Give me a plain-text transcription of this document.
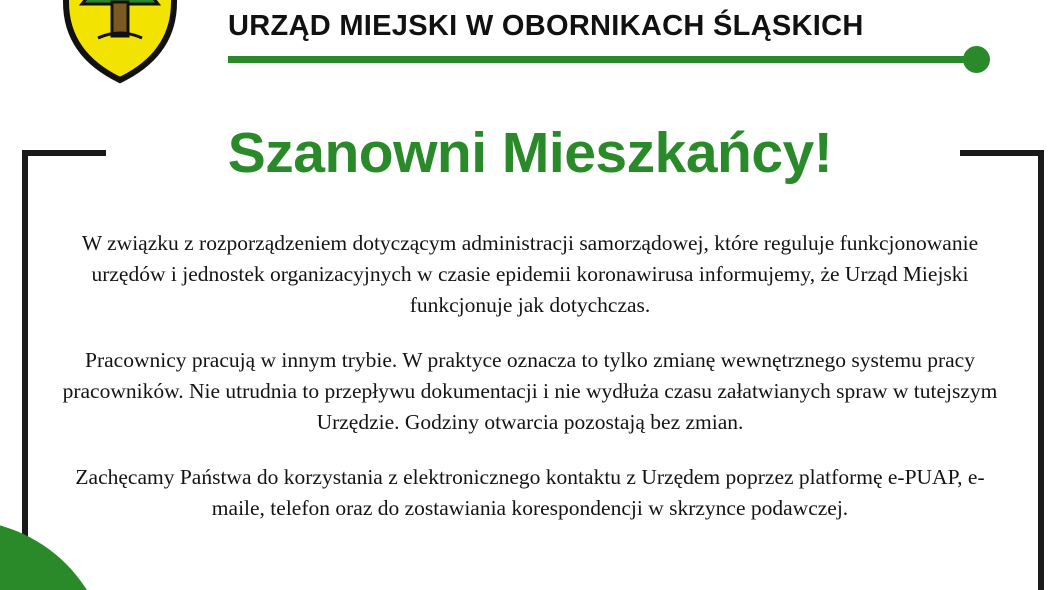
URZĄD MIEJSKI W OBORNIKACH ŚLĄSKICH
Szanowni Mieszkańcy!

W związku z rozporządzeniem dotyczącym administracji samorządowej, które reguluje funkcjonowanie urzędów i jednostek organizacyjnych w czasie epidemii koronawirusa informujemy, że Urząd Miejski funkcjonuje jak dotychczas.

Pracownicy pracują w innym trybie. W praktyce oznacza to tylko zmianę wewnętrznego systemu pracy pracowników. Nie utrudnia to przepływu dokumentacji i nie wydłuża czasu załatwianych spraw w tutejszym Urzędzie. Godziny otwarcia pozostają bez zmian.

Zachęcamy Państwa do korzystania z elektronicznego kontaktu z Urzędem poprzez platformę e-PUAP, e-maile, telefon oraz do zostawiania korespondencji w skrzynce podawczej.
